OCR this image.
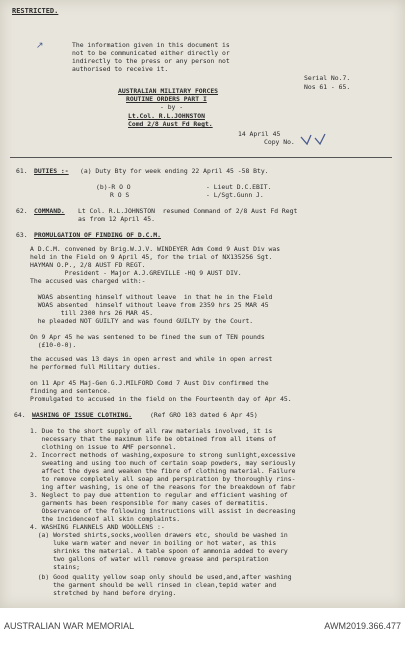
RESTRICTED.
↗	The information given in this document is
not to be communicated either directly or
indirectly to the press or any person not
authorised to receive it.
Serial No.7.
Nos 61 - 65.
AUSTRALIAN MILITARY FORCES
ROUTINE ORDERS PART I
- by -
Lt.Col. R.L.JOHNSTON
Comd 2/8 Aust Fd Regt.
14 April 45
Copy No.
61. DUTIES :- (a) Duty Bty for week ending 22 April 45 -58 Bty.
(b)-R O O	- Lieut D.C.EBIT.
R O S	- L/Sgt.Gunn J.
62. COMMAND. Lt Col. R.L.JOHNSTON  resumed Command of 2/8 Aust Fd Regt
as from 12 April 45.
63. PROMULGATION OF FINDING OF D.C.M.
A D.C.M. convened by Brig.W.J.V. WINDEYER Adm Comd 9 Aust Div was
held in the Field on 9 April 45, for the trial of NX135256 Sgt.
HAYMAN O.P., 2/8 AUST FD REGT.
President - Major A.J.GREVILLE -HQ 9 AUST DIV.
The accused was charged with:-
WOAS absenting himself without leave  in that he in the Field
WOAS absented  himself without leave from 2359 hrs 25 MAR 45
till 2300 hrs 26 MAR 45.
he pleaded NOT GUILTY and was found GUILTY by the Court.
On 9 Apr 45 he was sentened to be fined the sum of TEN pounds
(£10-0-0).
the accused was 13 days in open arrest and while in open arrest
he performed full Military duties.
on 11 Apr 45 Maj-Gen G.J.MILFORD Comd 7 Aust Div confirmed the
finding and sentence.
Promulgated to accused in the field on the Fourteenth day of Apr 45.
64. WASHING OF ISSUE CLOTHING.	(Ref GRO 103 dated 6 Apr 45)
1. Due to the short supply of all raw materials involved, it is
necessary that the maximum life be obtained from all items of
clothing on issue to AMF personnel.
2. Incorrect methods of washing,exposure to strong sunlight,excessive
sweating and using too much of certain soap powders, may seriously
affect the dyes and weaken the fibre of clothing material. Failure
to remove completely all soap and perspiration by thoroughly rins-
ing after washing, is one of the reasons for the breakdown of fabr
3. Neglect to pay due attention to regular and efficient washing of
garments has been responsible for many cases of dermatitis.
Observance of the following instructions will assist in decreasing
the incidenceof all skin complaints.
4. WASHING FLANNELS AND WOOLLENS :-
(a) Worsted shirts,socks,woollen drawers etc, should be washed in
luke warm water and never in boiling or hot water, as this
shrinks the material. A table spoon of ammonia added to every
two gallons of water will remove grease and perspiration
stains;
(b) Good quality yellow soap only should be used,and,after washing
the garment should be well rinsed in clean,tepid water and
stretched by hand before drying.
AUSTRALIAN WAR MEMORIAL	AWM2019.366.477
